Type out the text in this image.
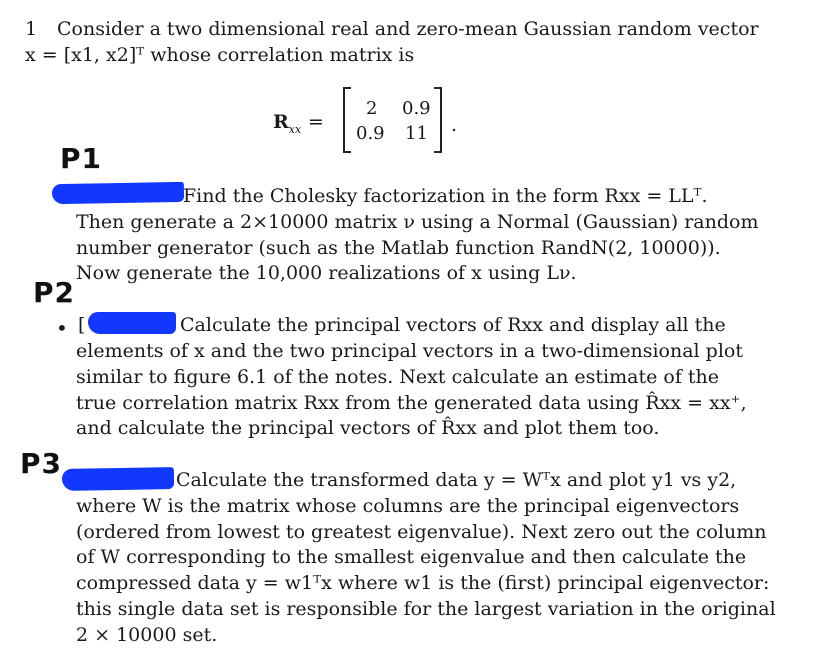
1 Consider a two dimensional real and zero-mean Gaussian random vector
x = [x1, x2]ᵀ whose correlation matrix is
$R_{xx}$ =
2 0.9
0.9 11 .
P1
Find the Cholesky factorization in the form Rxx = LLᵀ.
Then generate a 2×10000 matrix ν using a Normal (Gaussian) random
number generator (such as the Matlab function RandN(2, 10000)).
Now generate the 10,000 realizations of x using Lν.
P2
• [	Calculate the principal vectors of Rxx and display all the
elements of x and the two principal vectors in a two-dimensional plot
similar to figure 6.1 of the notes. Next calculate an estimate of the
true correlation matrix Rxx from the generated data using R̂xx = xx⁺,
and calculate the principal vectors of R̂xx and plot them too.
P3	Calculate the transformed data y = Wᵀx and plot y1 vs y2,
where W is the matrix whose columns are the principal eigenvectors
(ordered from lowest to greatest eigenvalue). Next zero out the column
of W corresponding to the smallest eigenvalue and then calculate the
compressed data y = w1ᵀx where w1 is the (first) principal eigenvector:
this single data set is responsible for the largest variation in the original
2 × 10000 set.
